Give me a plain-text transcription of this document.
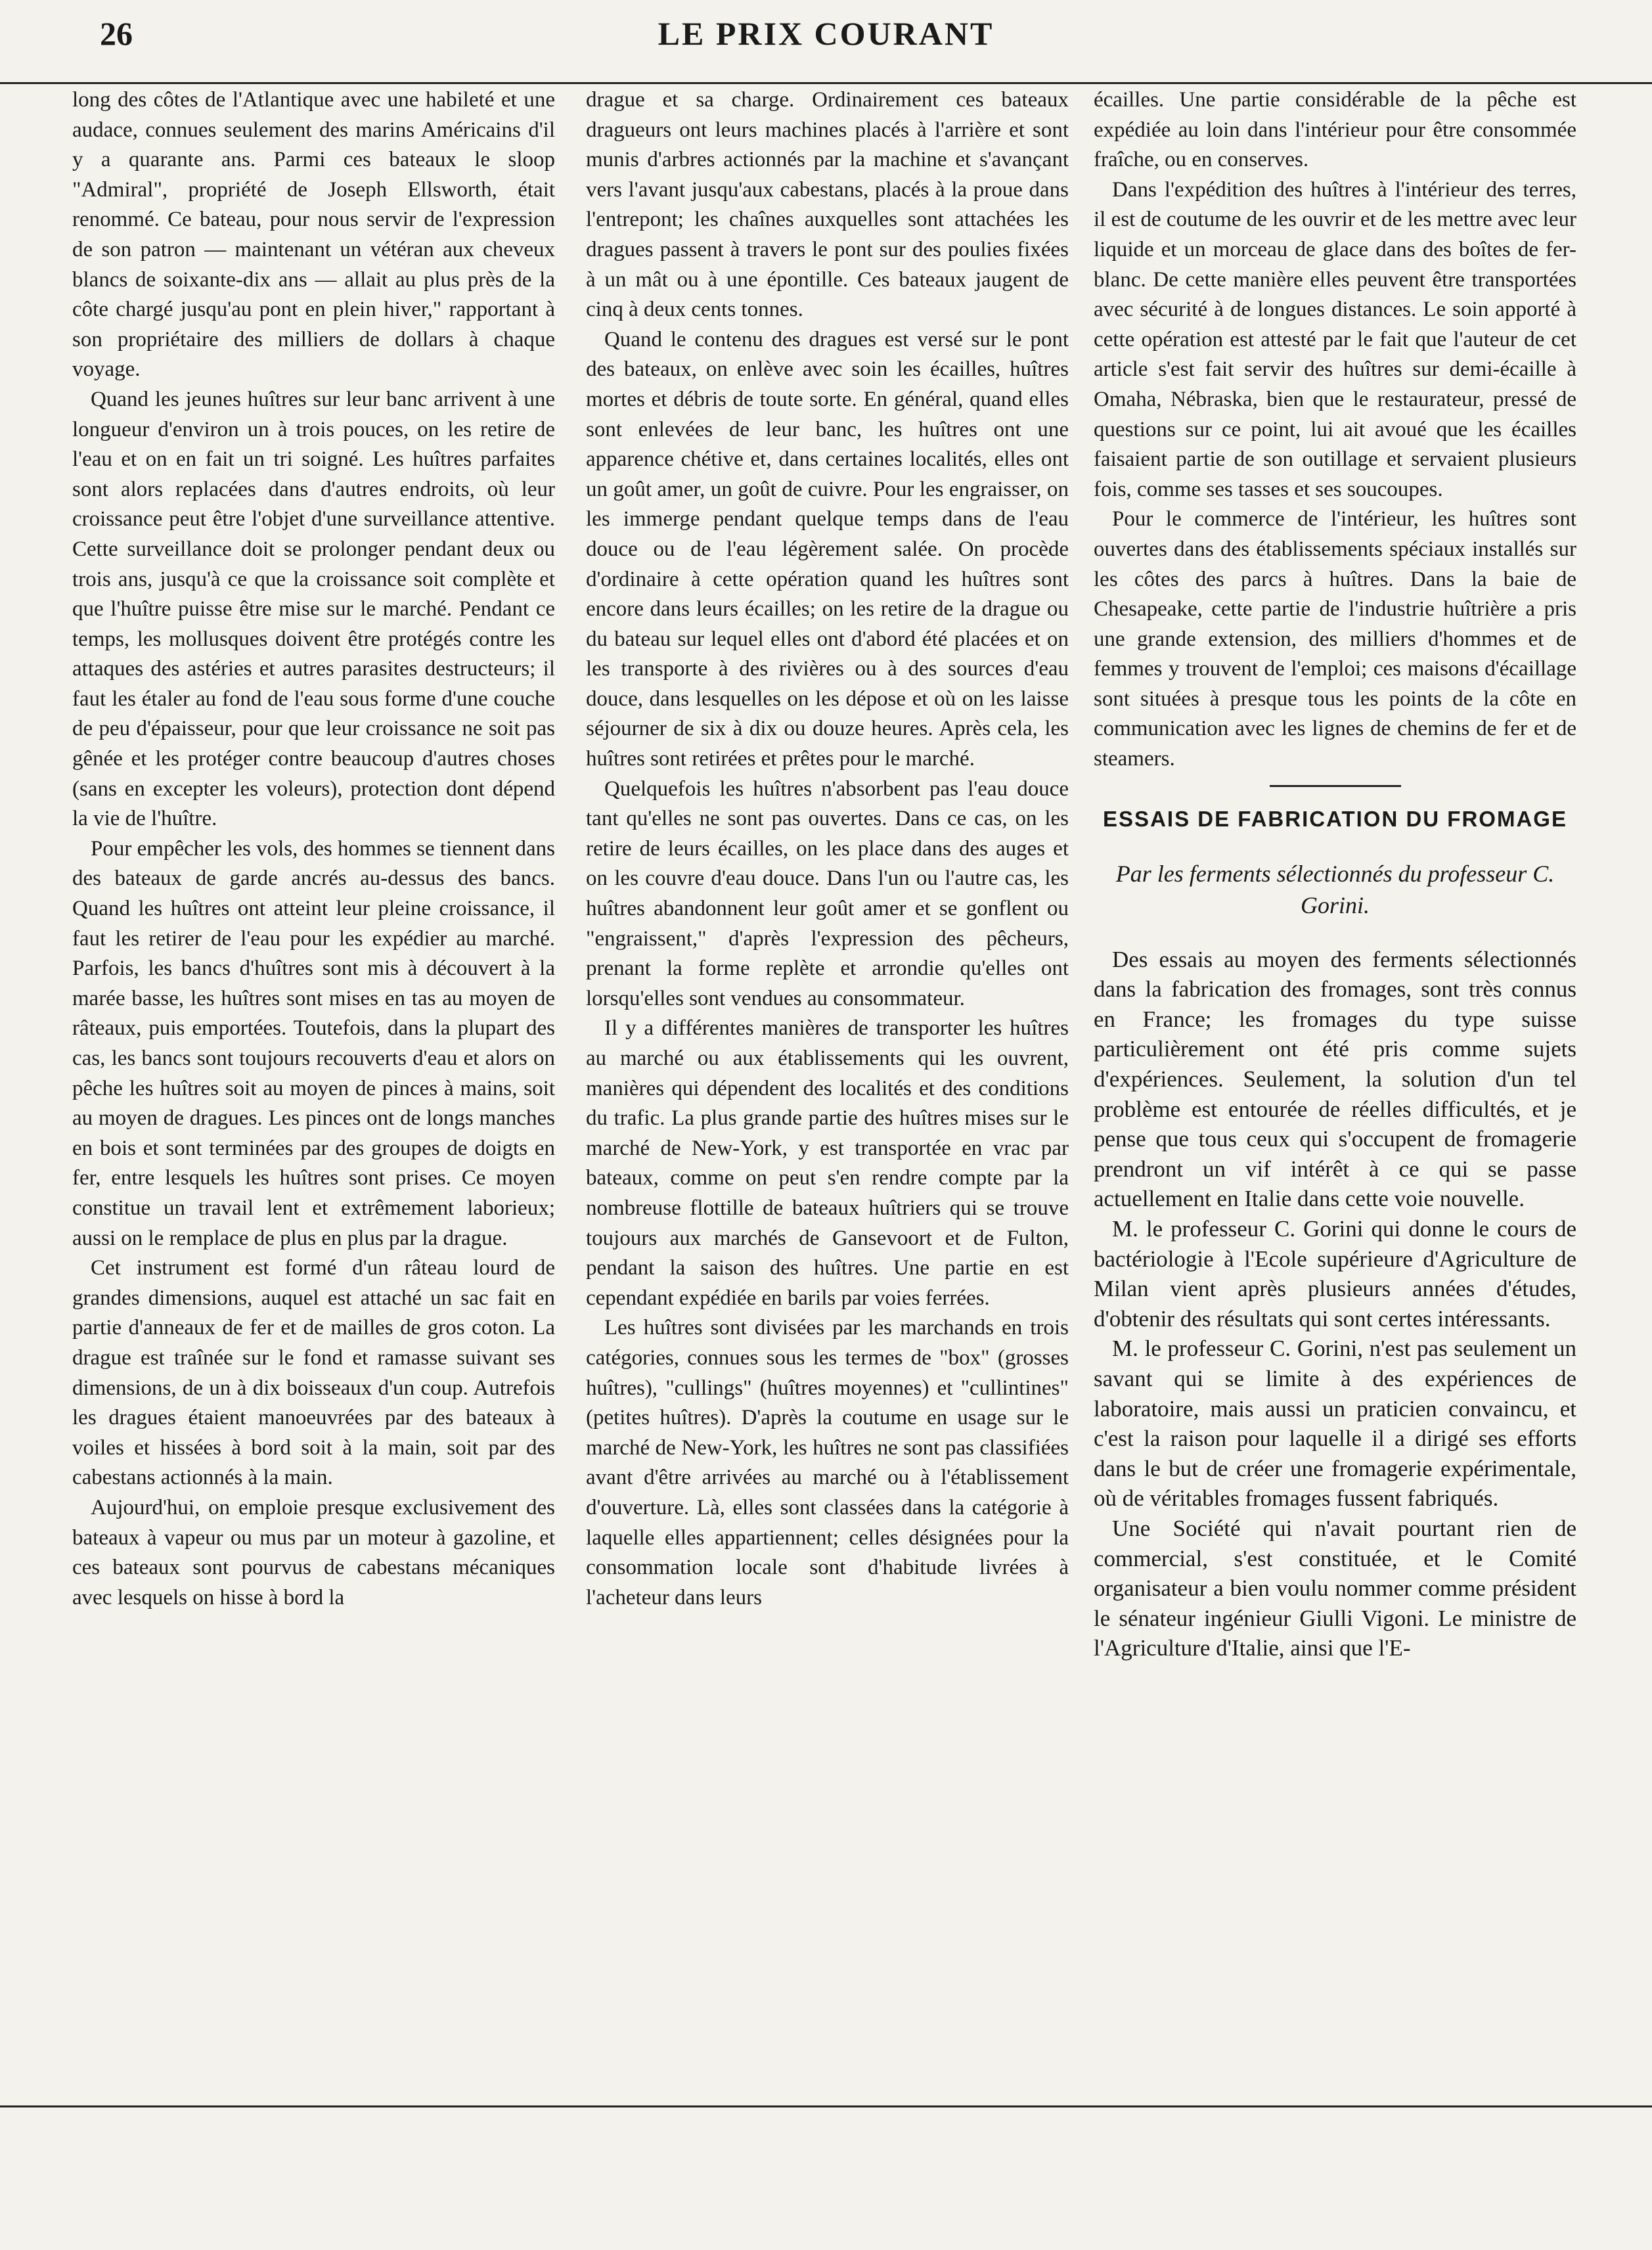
26	LE PRIX COURANT

long des côtes de l'Atlantique avec une habileté et une audace, connues seulement des marins Américains d'il y a quarante ans. Parmi ces bateaux le sloop "Admiral", propriété de Joseph Ellsworth, était renommé. Ce bateau, pour nous servir de l'expression de son patron — maintenant un vétéran aux cheveux blancs de soixante-dix ans — allait au plus près de la côte chargé jusqu'au pont en plein hiver," rapportant à son propriétaire des milliers de dollars à chaque voyage.

Quand les jeunes huîtres sur leur banc arrivent à une longueur d'environ un à trois pouces, on les retire de l'eau et on en fait un tri soigné. Les huîtres parfaites sont alors replacées dans d'autres endroits, où leur croissance peut être l'objet d'une surveillance attentive. Cette surveillance doit se prolonger pendant deux ou trois ans, jusqu'à ce que la croissance soit complète et que l'huître puisse être mise sur le marché. Pendant ce temps, les mollusques doivent être protégés contre les attaques des astéries et autres parasites destructeurs; il faut les étaler au fond de l'eau sous forme d'une couche de peu d'épaisseur, pour que leur croissance ne soit pas gênée et les protéger contre beaucoup d'autres choses (sans en excepter les voleurs), protection dont dépend la vie de l'huître.

Pour empêcher les vols, des hommes se tiennent dans des bateaux de garde ancrés au-dessus des bancs. Quand les huîtres ont atteint leur pleine croissance, il faut les retirer de l'eau pour les expédier au marché. Parfois, les bancs d'huîtres sont mis à découvert à la marée basse, les huîtres sont mises en tas au moyen de râteaux, puis emportées. Toutefois, dans la plupart des cas, les bancs sont toujours recouverts d'eau et alors on pêche les huîtres soit au moyen de pinces à mains, soit au moyen de dragues. Les pinces ont de longs manches en bois et sont terminées par des groupes de doigts en fer, entre lesquels les huîtres sont prises. Ce moyen constitue un travail lent et extrêmement laborieux; aussi on le remplace de plus en plus par la drague.

Cet instrument est formé d'un râteau lourd de grandes dimensions, auquel est attaché un sac fait en partie d'anneaux de fer et de mailles de gros coton. La drague est traînée sur le fond et ramasse suivant ses dimensions, de un à dix boisseaux d'un coup. Autrefois les dragues étaient manoeuvrées par des bateaux à voiles et hissées à bord soit à la main, soit par des cabestans actionnés à la main.

Aujourd'hui, on emploie presque exclusivement des bateaux à vapeur ou mus par un moteur à gazoline, et ces bateaux sont pourvus de cabestans mécaniques avec lesquels on hisse à bord la

drague et sa charge. Ordinairement ces bateaux dragueurs ont leurs machines placés à l'arrière et sont munis d'arbres actionnés par la machine et s'avançant vers l'avant jusqu'aux cabestans, placés à la proue dans l'entrepont; les chaînes auxquelles sont attachées les dragues passent à travers le pont sur des poulies fixées à un mât ou à une épontille. Ces bateaux jaugent de cinq à deux cents tonnes.

Quand le contenu des dragues est versé sur le pont des bateaux, on enlève avec soin les écailles, huîtres mortes et débris de toute sorte. En général, quand elles sont enlevées de leur banc, les huîtres ont une apparence chétive et, dans certaines localités, elles ont un goût amer, un goût de cuivre. Pour les engraisser, on les immerge pendant quelque temps dans de l'eau douce ou de l'eau légèrement salée. On procède d'ordinaire à cette opération quand les huîtres sont encore dans leurs écailles; on les retire de la drague ou du bateau sur lequel elles ont d'abord été placées et on les transporte à des rivières ou à des sources d'eau douce, dans lesquelles on les dépose et où on les laisse séjourner de six à dix ou douze heures. Après cela, les huîtres sont retirées et prêtes pour le marché.

Quelquefois les huîtres n'absorbent pas l'eau douce tant qu'elles ne sont pas ouvertes. Dans ce cas, on les retire de leurs écailles, on les place dans des auges et on les couvre d'eau douce. Dans l'un ou l'autre cas, les huîtres abandonnent leur goût amer et se gonflent ou "engraissent," d'après l'expression des pêcheurs, prenant la forme replète et arrondie qu'elles ont lorsqu'elles sont vendues au consommateur.

Il y a différentes manières de transporter les huîtres au marché ou aux établissements qui les ouvrent, manières qui dépendent des localités et des conditions du trafic. La plus grande partie des huîtres mises sur le marché de New-York, y est transportée en vrac par bateaux, comme on peut s'en rendre compte par la nombreuse flottille de bateaux huîtriers qui se trouve toujours aux marchés de Gansevoort et de Fulton, pendant la saison des huîtres. Une partie en est cependant expédiée en barils par voies ferrées.

Les huîtres sont divisées par les marchands en trois catégories, connues sous les termes de "box" (grosses huîtres), "cullings" (huîtres moyennes) et "cullintines" (petites huîtres). D'après la coutume en usage sur le marché de New-York, les huîtres ne sont pas classifiées avant d'être arrivées au marché ou à l'établissement d'ouverture. Là, elles sont classées dans la catégorie à laquelle elles appartiennent; celles désignées pour la consommation locale sont d'habitude livrées à l'acheteur dans leurs

écailles. Une partie considérable de la pêche est expédiée au loin dans l'intérieur pour être consommée fraîche, ou en conserves.

Dans l'expédition des huîtres à l'intérieur des terres, il est de coutume de les ouvrir et de les mettre avec leur liquide et un morceau de glace dans des boîtes de fer-blanc. De cette manière elles peuvent être transportées avec sécurité à de longues distances. Le soin apporté à cette opération est attesté par le fait que l'auteur de cet article s'est fait servir des huîtres sur demi-écaille à Omaha, Nébraska, bien que le restaurateur, pressé de questions sur ce point, lui ait avoué que les écailles faisaient partie de son outillage et servaient plusieurs fois, comme ses tasses et ses soucoupes.

Pour le commerce de l'intérieur, les huîtres sont ouvertes dans des établissements spéciaux installés sur les côtes des parcs à huîtres. Dans la baie de Chesapeake, cette partie de l'industrie huîtrière a pris une grande extension, des milliers d'hommes et de femmes y trouvent de l'emploi; ces maisons d'écaillage sont situées à presque tous les points de la côte en communication avec les lignes de chemins de fer et de steamers.

ESSAIS DE FABRICATION DU FROMAGE
Par les ferments sélectionnés du professeur C. Gorini.

Des essais au moyen des ferments sélectionnés dans la fabrication des fromages, sont très connus en France; les fromages du type suisse particulièrement ont été pris comme sujets d'expériences. Seulement, la solution d'un tel problème est entourée de réelles difficultés, et je pense que tous ceux qui s'occupent de fromagerie prendront un vif intérêt à ce qui se passe actuellement en Italie dans cette voie nouvelle.

M. le professeur C. Gorini qui donne le cours de bactériologie à l'Ecole supérieure d'Agriculture de Milan vient après plusieurs années d'études, d'obtenir des résultats qui sont certes intéressants.

M. le professeur C. Gorini, n'est pas seulement un savant qui se limite à des expériences de laboratoire, mais aussi un praticien convaincu, et c'est la raison pour laquelle il a dirigé ses efforts dans le but de créer une fromagerie expérimentale, où de véritables fromages fussent fabriqués.

Une Société qui n'avait pourtant rien de commercial, s'est constituée, et le Comité organisateur a bien voulu nommer comme président le sénateur ingénieur Giulli Vigoni. Le ministre de l'Agriculture d'Italie, ainsi que l'E-
